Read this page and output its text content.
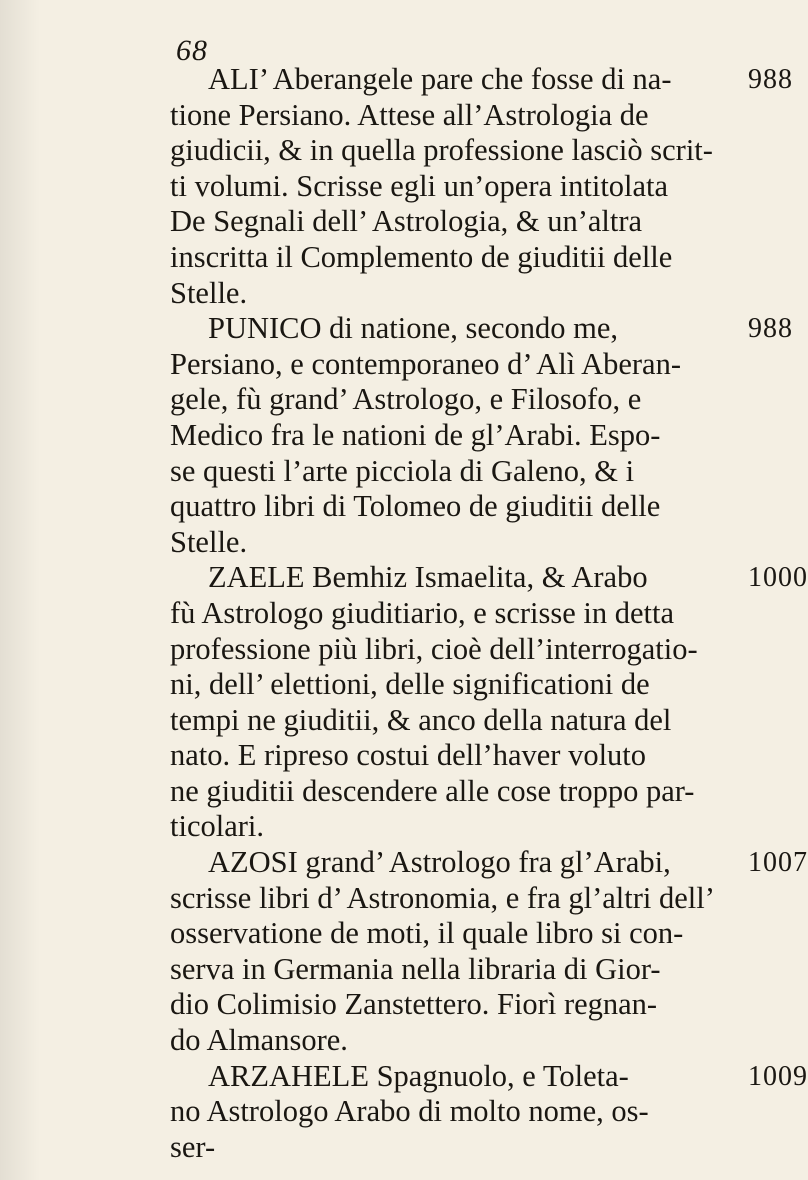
68
ALI’ Aberangele pare che fosse di na-
tione Persiano. Attese all’Astrologia de
giudicii, & in quella professione lasciò scrit-
ti volumi. Scrisse egli un’opera intitolata
De Segnali dell’ Astrologia, & un’altra
inscritta il Complemento de giuditii delle
Stelle.
PUNICO di natione, secondo me,
Persiano, e contemporaneo d’ Alì Aberan-
gele, fù grand’ Astrologo, e Filosofo, e
Medico fra le nationi de gl’Arabi. Espo-
se questi l’arte picciola di Galeno, & i
quattro libri di Tolomeo de giuditii delle
Stelle.
ZAELE Bemhiz Ismaelita, & Arabo
fù Astrologo giuditiario, e scrisse in detta
professione più libri, cioè dell’interrogatio-
ni, dell’ elettioni, delle significationi de
tempi ne giuditii, & anco della natura del
nato. E ripreso costui dell’haver voluto
ne giuditii descendere alle cose troppo par-
ticolari.
AZOSI grand’ Astrologo fra gl’Arabi,
scrisse libri d’ Astronomia, e fra gl’altri dell’
osservatione de moti, il quale libro si con-
serva in Germania nella libraria di Gior-
dio Colimisio Zanstettero. Fiorì regnan-
do Almansore.
ARZAHELE Spagnuolo, e Toleta-
no Astrologo Arabo di molto nome, os-
ser-
988
988
1000
1007
1009
